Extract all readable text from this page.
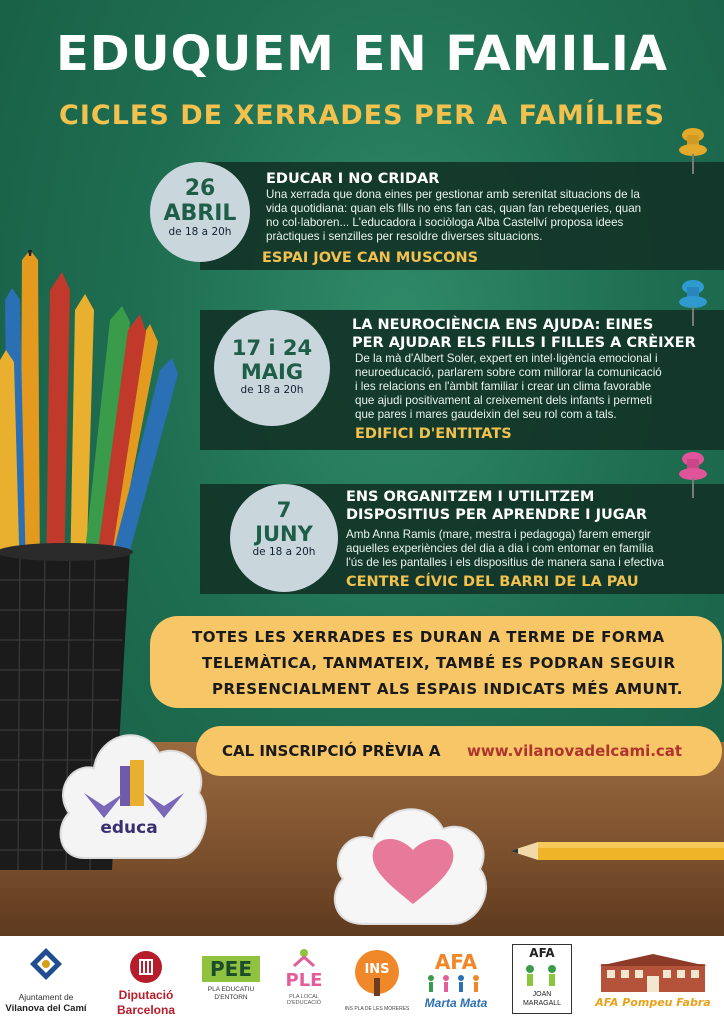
educa
EDUQUEM EN FAMILIA
CICLES DE XERRADES PER A FAMÍLIES
26
ABRIL
de 18 a 20h
EDUCAR I NO CRIDAR
Una xerrada que dona eines per gestionar amb serenitat situacions de la
vida quotidiana: quan els fills no ens fan cas, quan fan rebequeries, quan
no col·laboren... L'educadora i sociòloga Alba Castellví proposa idees
pràctiques i senzilles per resoldre diverses situacions.
ESPAI JOVE CAN MUSCONS
17 i 24
MAIG
de 18 a 20h
LA NEUROCIÈNCIA ENS AJUDA: EINES
PER AJUDAR ELS FILLS I FILLES A CRÈIXER
De la mà d'Albert Soler, expert en intel·ligència emocional i
neuroeducació, parlarem sobre com millorar la comunicació
i les relacions en l'àmbit familiar i crear un clima favorable
que ajudi positivament al creixement dels infants i permeti
que pares i mares gaudeixin del seu rol com a tals.
EDIFICI D'ENTITATS
7
JUNY
de 18 a 20h
ENS ORGANITZEM I UTILITZEM
DISPOSITIUS PER APRENDRE I JUGAR
Amb Anna Ramis (mare, mestra i pedagoga) farem emergir
aquelles experiències del dia a dia i com entomar en família
l'ús de les pantalles i els dispositius de manera sana i efectiva
CENTRE CÍVIC DEL BARRI DE LA PAU
TOTES LES XERRADES ES DURAN A TERME DE FORMA
TELEMÀTICA, TANMATEIX, TAMBÉ ES PODRAN SEGUIR
PRESENCIALMENT ALS ESPAIS INDICATS MÉS AMUNT.
CAL INSCRIPCIÓ PRÈVIA A www.vilanovadelcami.cat
Ajuntament de
Vilanova del Camí
Diputació
Barcelona
PEE
PLA EDUCATIU
D'ENTORN
PLE
PLA LOCAL D'EDUCACIÓ
INS
INS PLA DE LES MORERES
AFA
Marta Mata
AFA
JOAN
MARAGALL	AFA Pompeu Fabra
